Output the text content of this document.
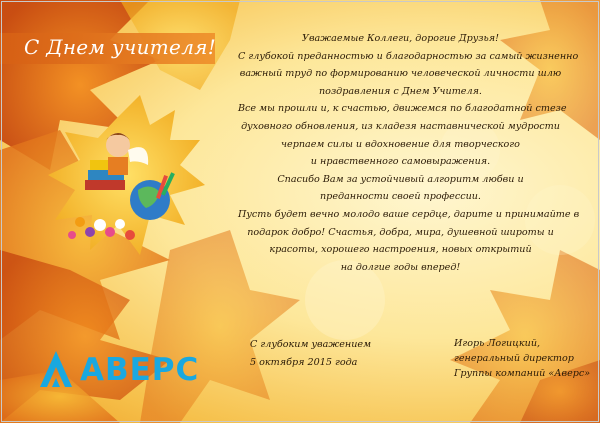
С Днем учителя!	Уважаемые Коллеги, дорогие Друзья!
С глубокой преданностью и благодарностью за самый жизненно
важный труд по формированию человеческой личности шлю
поздравления с Днем Учителя.
Все мы прошли и, к счастью, движемся по благодатной стезе
духовного обновления, из кладезя наставнической мудрости
черпаем силы и вдохновение для творческого
и нравственного самовыражения.
Спасибо Вам за устойчивый алгоритм любви и
преданности своей профессии.
Пусть будет вечно молодо ваше сердце, дарите и принимайте в
подарок добро! Счастья, добра, мира, душевной широты и
красоты, хорошего настроения, новых открытий
на долгие годы вперед!
С глубоким уважением
5 октября 2015 года
Игорь Логицкий,
генеральный директор
Группы компаний «Аверс»
АВЕРС
